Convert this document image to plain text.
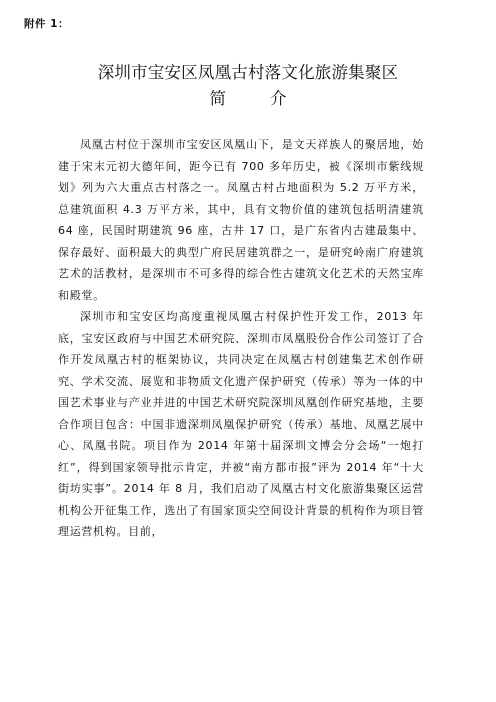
附件 1：
深圳市宝安区凤凰古村落文化旅游集聚区
简介

凤凰古村位于深圳市宝安区凤凰山下，是文天祥族人的聚居地，始建于宋末元初大德年间，距今已有 700 多年历史，被《深圳市紫线规划》列为六大重点古村落之一。凤凰古村占地面积为 5.2 万平方米，总建筑面积 4.3 万平方米，其中，具有文物价值的建筑包括明清建筑 64 座，民国时期建筑 96 座，古井 17 口，是广东省内古建最集中、保存最好、面积最大的典型广府民居建筑群之一，是研究岭南广府建筑艺术的活教材，是深圳市不可多得的综合性古建筑文化艺术的天然宝库和殿堂。

深圳市和宝安区均高度重视凤凰古村保护性开发工作，2013 年底，宝安区政府与中国艺术研究院、深圳市凤凰股份合作公司签订了合作开发凤凰古村的框架协议，共同决定在凤凰古村创建集艺术创作研究、学术交流、展览和非物质文化遗产保护研究（传承）等为一体的中国艺术事业与产业并进的中国艺术研究院深圳凤凰创作研究基地，主要合作项目包含：中国非遗深圳凤凰保护研究（传承）基地、凤凰艺展中心、凤凰书院。项目作为 2014 年第十届深圳文博会分会场“一炮打红”，得到国家领导批示肯定，并被“南方都市报”评为 2014 年“十大街坊实事”。2014 年 8 月，我们启动了凤凰古村文化旅游集聚区运营机构公开征集工作，选出了有国家顶尖空间设计背景的机构作为项目管理运营机构。目前，
